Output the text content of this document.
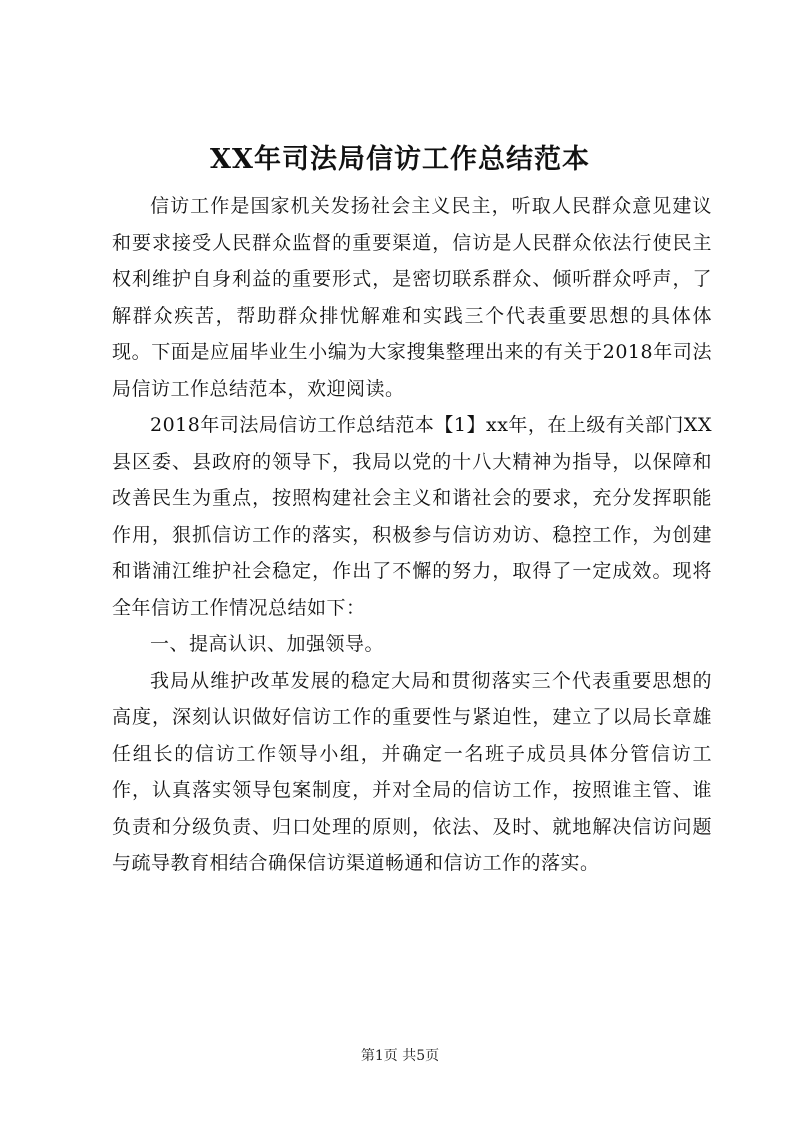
XX年司法局信访工作总结范本

信访工作是国家机关发扬社会主义民主，听取人民群众意见建议和要求接受人民群众监督的重要渠道，信访是人民群众依法行使民主权利维护自身利益的重要形式，是密切联系群众、倾听群众呼声，了解群众疾苦，帮助群众排忧解难和实践三个代表重要思想的具体体现。下面是应届毕业生小编为大家搜集整理出来的有关于2018年司法局信访工作总结范本，欢迎阅读。

2018年司法局信访工作总结范本【1】xx年，在上级有关部门XX县区委、县政府的领导下，我局以党的十八大精神为指导，以保障和改善民生为重点，按照构建社会主义和谐社会的要求，充分发挥职能作用，狠抓信访工作的落实，积极参与信访劝访、稳控工作，为创建和谐浦江维护社会稳定，作出了不懈的努力，取得了一定成效。现将全年信访工作情况总结如下：

一、提高认识、加强领导。

我局从维护改革发展的稳定大局和贯彻落实三个代表重要思想的高度，深刻认识做好信访工作的重要性与紧迫性，建立了以局长章雄任组长的信访工作领导小组，并确定一名班子成员具体分管信访工作，认真落实领导包案制度，并对全局的信访工作，按照谁主管、谁负责和分级负责、归口处理的原则，依法、及时、就地解决信访问题与疏导教育相结合确保信访渠道畅通和信访工作的落实。

第1页 共5页
